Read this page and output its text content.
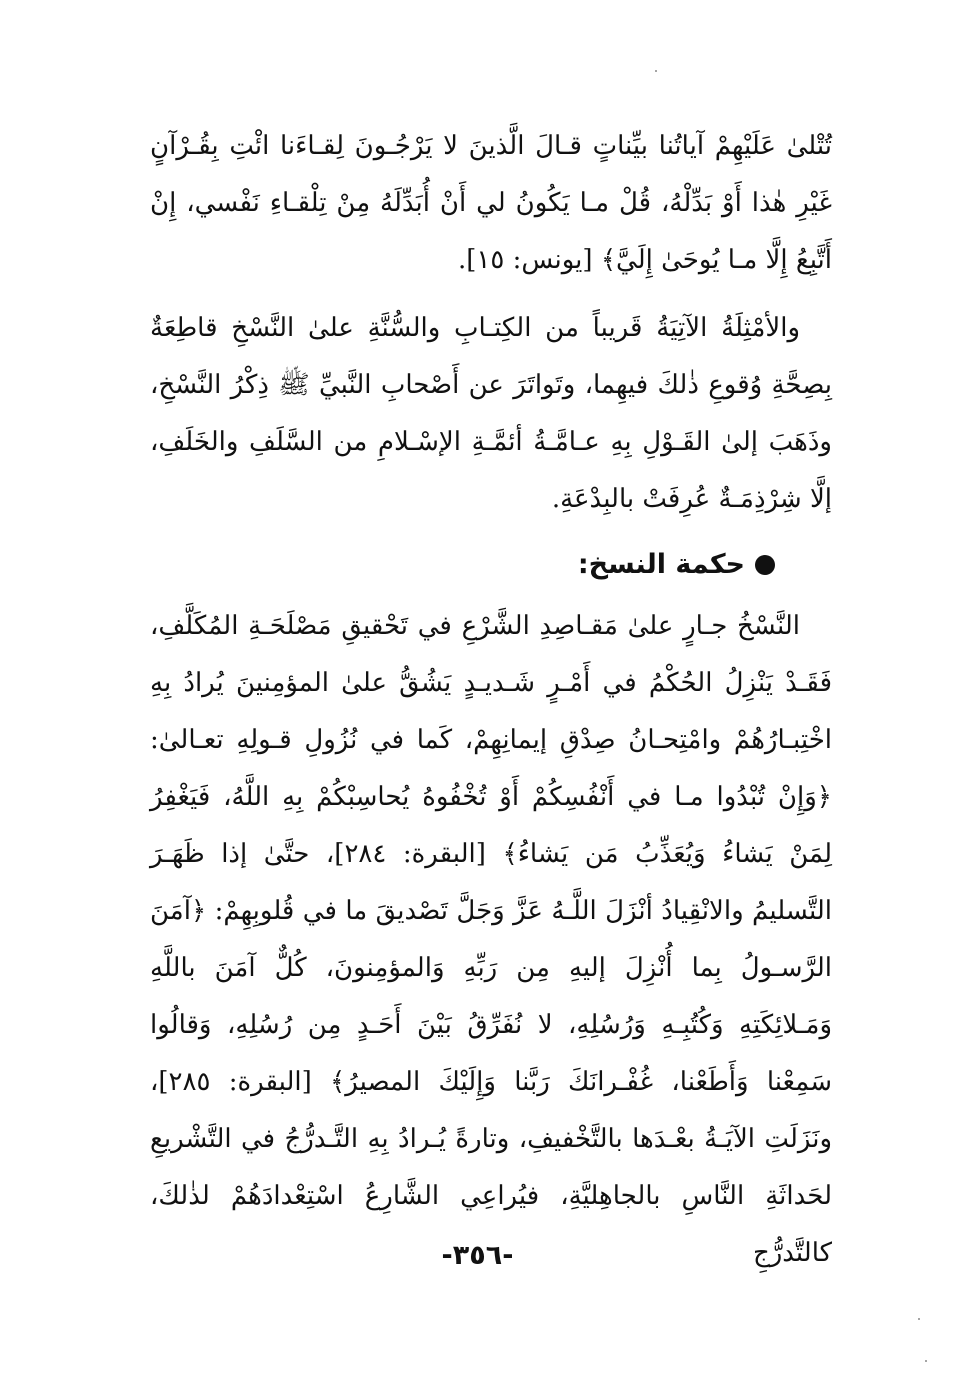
تُتْلىٰ عَلَيْهِمْ آياتُنا بيِّناتٍ قـالَ الَّذينَ لا يَرْجُـونَ لِقـاءَنا ائْتِ بِقُـرْآنٍ غَيْرِ هٰذا أَوْ بَدِّلْهُ، قُلْ مـا يَكُونُ لي أَنْ أُبَدِّلَهُ مِنْ تِلْقـاءِ نَفْسي، إِنْ أَتَّبِعُ إِلَّا مـا يُوحَىٰ إِلَيَّ﴾ [يونس: ١٥].

والأمْثِلَةُ الآتِيَةُ قَريباً من الكِتـابِ والسُّنَّةِ علىٰ النَّسْخِ قاطِعَةٌ بِصِحَّةِ وُقوعِ ذٰلكَ فيهِما، وتَواتَرَ عن أَصْحابِ النَّبيِّ ﷺ ذِكْرُ النَّسْخِ، وذَهَبَ إلىٰ القَـوْلِ بِهِ عـامَّـةُ أئمَّـةِ الإسْـلامِ من السَّلَفِ والخَلَفِ، إلَّا شِرْذِمَـةٌ عُرِفَتْ بالبِدْعَةِ.

حكمة النسخ:

النَّسْخُ جـارٍ علىٰ مَقـاصِدِ الشَّرْعِ في تَحْقيقِ مَصْلَحَـةِ المُكَلَّفِ، فَقَـدْ يَنْزِلُ الحُكْمُ في أَمْـرٍ شَـديـدٍ يَشُقُّ علىٰ المؤمِنينَ يُرادُ بِهِ اخْتِبـارُهُمْ وامْتِحـانُ صِدْقِ إيمانِهِمْ، كَما في نُزُولِ قـولِهِ تعـالىٰ: ﴿وَإِنْ تُبْدُوا مـا في أَنْفُسِكُمْ أَوْ تُخْفُوهُ يُحاسِبْكُمْ بِهِ اللَّهُ، فَيَغْفِرُ لِمَنْ يَشاءُ وَيُعَذِّبُ مَن يَشاءُ﴾ [البقرة: ٢٨٤]، حتَّىٰ إذا ظَهَـرَ التَّسليمُ والانْقِيادُ أنْزَلَ اللَّـهُ عَزَّ وَجَلَّ تَصْديقَ ما في قُلوبِهِمْ: ﴿آمَنَ الرَّسـولُ بِما أُنْزِلَ إليهِ مِن رَبِّهِ وَالمؤمِنونَ، كُلٌّ آمَنَ باللَّهِ وَمَـلائِكَتِهِ وَكُتُبِـهِ وَرُسُلِهِ، لا نُفَرِّقُ بَيْنَ أَحَـدٍ مِن رُسُلِهِ، وَقالُوا سَمِعْنا وَأَطَعْنا، غُفْـرانَكَ رَبَّنا وَإِلَيْكَ المصيرُ﴾ [البقرة: ٢٨٥]، ونَزَلَتِ الآيَـةُ بعْـدَها بالتَّخْفيفِ، وتارةً يُـرادُ بِهِ التَّـدرُّجُ في التَّشْريعِ لحَداثَةِ النَّاسِ بالجاهِليَّةِ، فيُراعِي الشَّارِعُ اسْتِعْدادَهُمْ لذٰلكَ، كالتَّدرُّجِ

-٣٥٦-
